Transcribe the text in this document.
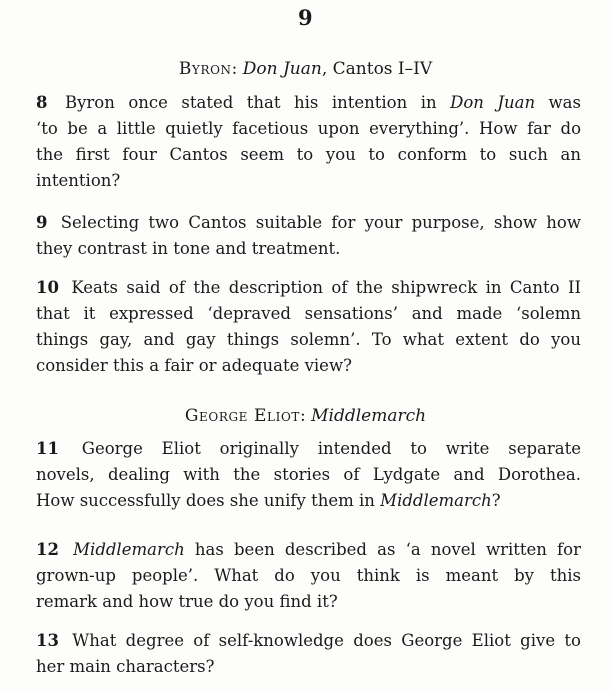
9
Byron: Don Juan, Cantos I–IV
8 Byron once stated that his intention in Don Juan was
‘to be a little quietly facetious upon everything’. How far do
the first four Cantos seem to you to conform to such an
intention?
9 Selecting two Cantos suitable for your purpose, show how
they contrast in tone and treatment.
10 Keats said of the description of the shipwreck in Canto II
that it expressed ‘depraved sensations’ and made ‘solemn
things gay, and gay things solemn’. To what extent do you
consider this a fair or adequate view?
George Eliot: Middlemarch
11 George Eliot originally intended to write separate
novels, dealing with the stories of Lydgate and Dorothea.
How successfully does she unify them in Middlemarch?
12 Middlemarch has been described as ‘a novel written for
grown-up people’. What do you think is meant by this
remark and how true do you find it?
13 What degree of self-knowledge does George Eliot give to
her main characters?
